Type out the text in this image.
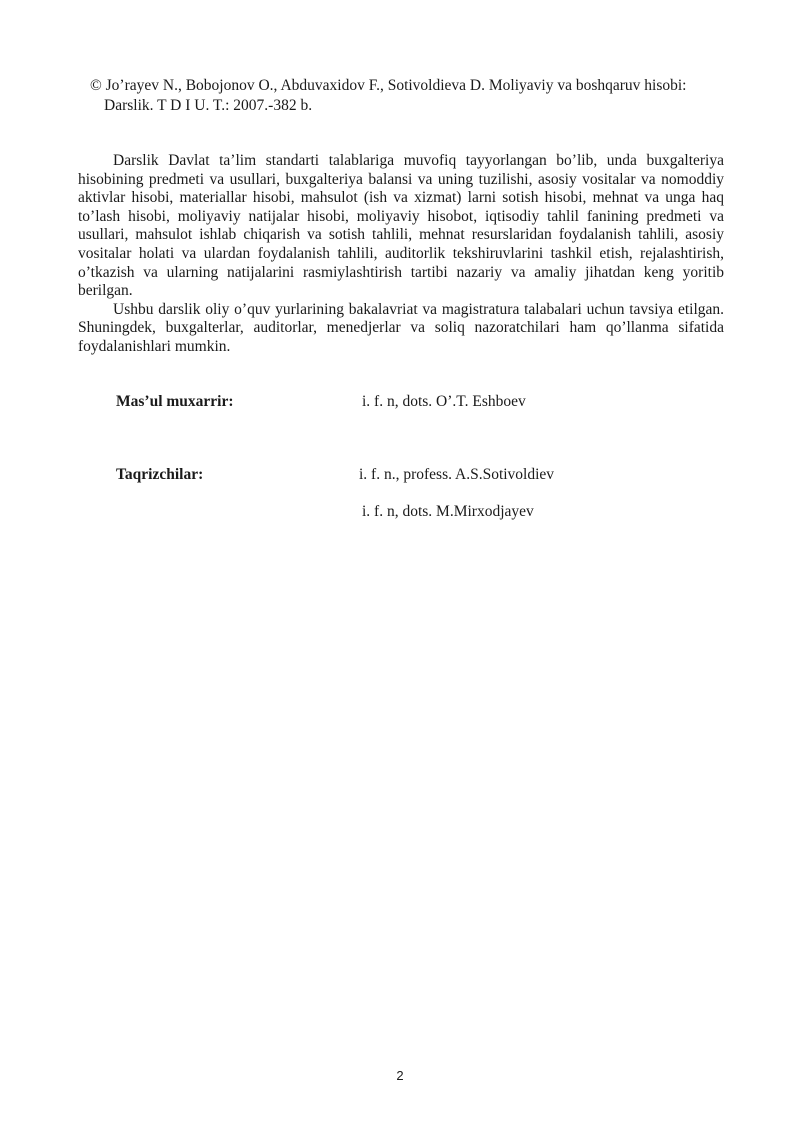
© Jo’rayev N., Bobojonov O., Abduvaxidov F., Sotivoldieva D. Moliyaviy va boshqaruv hisobi:
Darslik. T D I U. T.: 2007.-382 b.

Darslik Davlat ta’lim standarti talablariga muvofiq tayyorlangan bo’lib, unda buxgalteriya hisobining predmeti va usullari, buxgalteriya balansi va uning tuzilishi, asosiy vositalar va nomoddiy aktivlar hisobi, materiallar hisobi, mahsulot (ish va xizmat) larni sotish hisobi, mehnat va unga haq to’lash hisobi, moliyaviy natijalar hisobi, moliyaviy hisobot, iqtisodiy tahlil fanining predmeti va usullari, mahsulot ishlab chiqarish va sotish tahlili, mehnat resurslaridan foydalanish tahlili, asosiy vositalar holati va ulardan foydalanish tahlili, auditorlik tekshiruvlarini tashkil etish, rejalashtirish, o’tkazish va ularning natijalarini rasmiylashtirish tartibi nazariy va amaliy jihatdan keng yoritib berilgan.

Ushbu darslik oliy o’quv yurlarining bakalavriat va magistratura talabalari uchun tavsiya etilgan. Shuningdek, buxgalterlar, auditorlar, menedjerlar va soliq nazoratchilari ham qo’llanma sifatida foydalanishlari mumkin.

Mas’ul muxarrir:	i. f. n, dots. O’.T. Eshboev
Taqrizchilar:	i. f. n., profess. A.S.Sotivoldiev
i. f. n, dots. M.Mirxodjayev
2
